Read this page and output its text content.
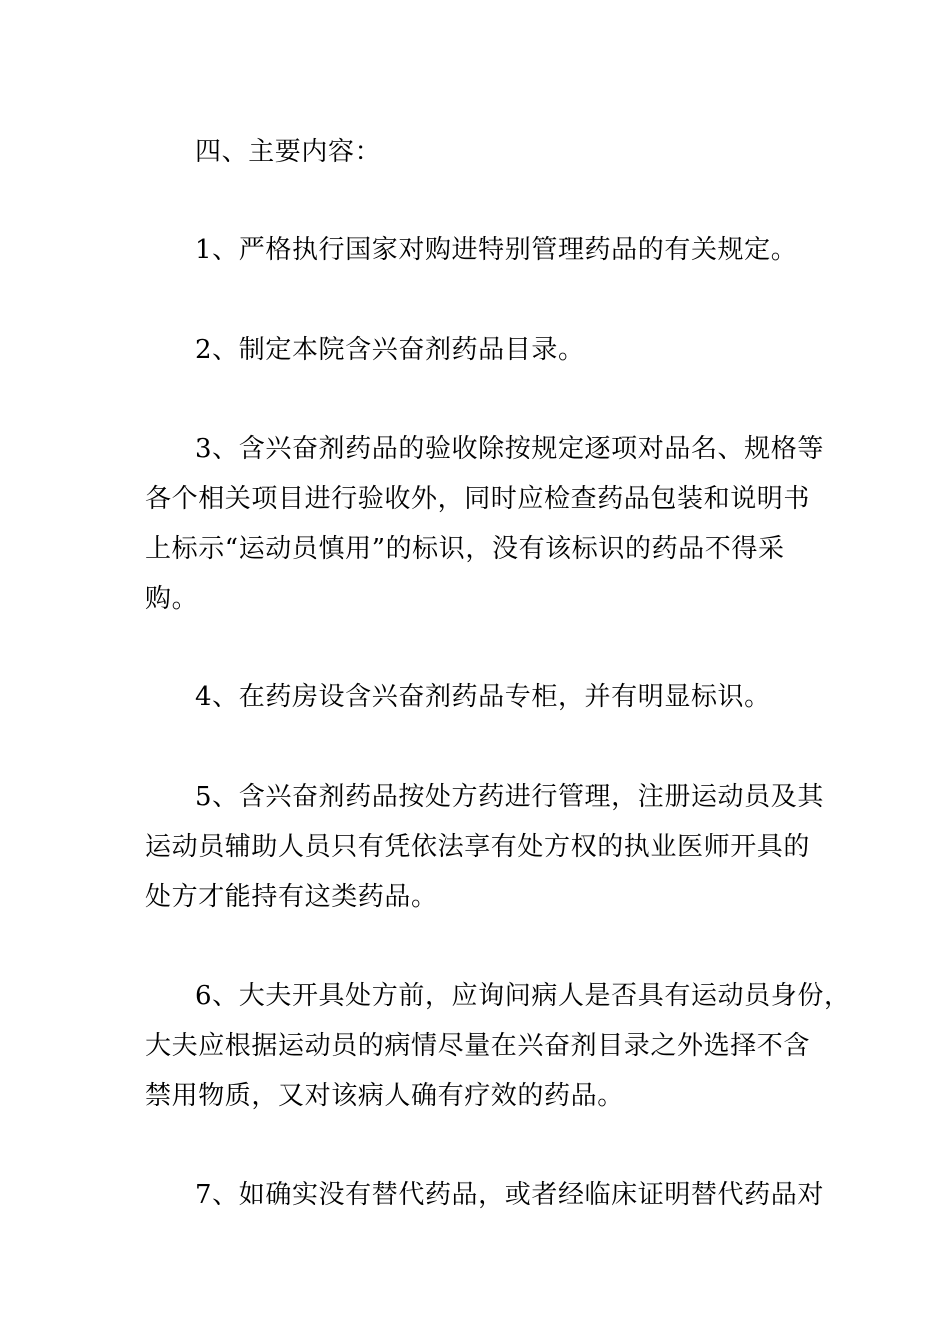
四、主要内容：
1、严格执行国家对购进特别管理药品的有关规定。
2、制定本院含兴奋剂药品目录。
3、含兴奋剂药品的验收除按规定逐项对品名、规格等
各个相关项目进行验收外，同时应检查药品包装和说明书
上标示“运动员慎用”的标识，没有该标识的药品不得采
购。
4、在药房设含兴奋剂药品专柜，并有明显标识。
5、含兴奋剂药品按处方药进行管理，注册运动员及其
运动员辅助人员只有凭依法享有处方权的执业医师开具的
处方才能持有这类药品。
6、大夫开具处方前，应询问病人是否具有运动员身份，
大夫应根据运动员的病情尽量在兴奋剂目录之外选择不含
禁用物质，又对该病人确有疗效的药品。
7、如确实没有替代药品，或者经临床证明替代药品对
